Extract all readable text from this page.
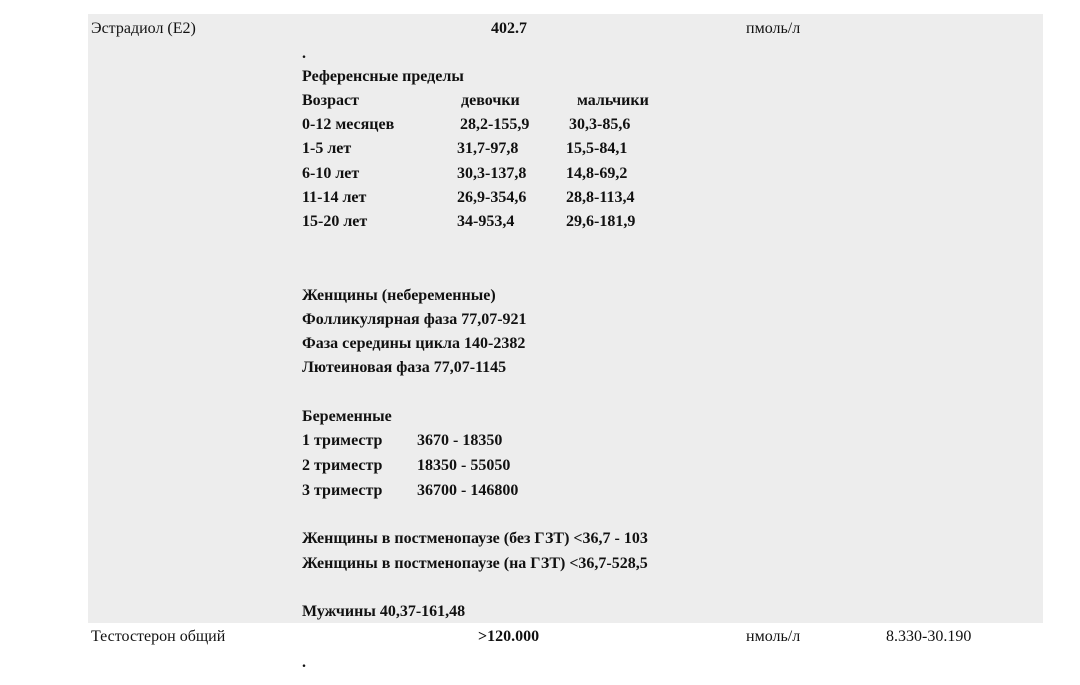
Эстрадиол (E2)	402.7	пмоль/л
.
Референсные пределы
Возраст	девочки	мальчики
0-12 месяцев	28,2-155,9 30,3-85,6
1-5 лет	31,7-97,8	15,5-84,1
6-10 лет	30,3-137,8 14,8-69,2
11-14 лет	26,9-354,6 28,8-113,4
15-20 лет	34-953,4	29,6-181,9
Женщины (небеременные)
Фолликулярная фаза 77,07-921
Фаза середины цикла 140-2382
Лютеиновая фаза 77,07-1145
Беременные
1 триместр 3670 - 18350
2 триместр 18350 - 55050
3 триместр 36700 - 146800
Женщины в постменопаузе (без ГЗТ) <36,7 - 103
Женщины в постменопаузе (на ГЗТ) <36,7-528,5
Мужчины 40,37-161,48
Тестостерон общий	>120.000	нмоль/л	8.330-30.190
.
